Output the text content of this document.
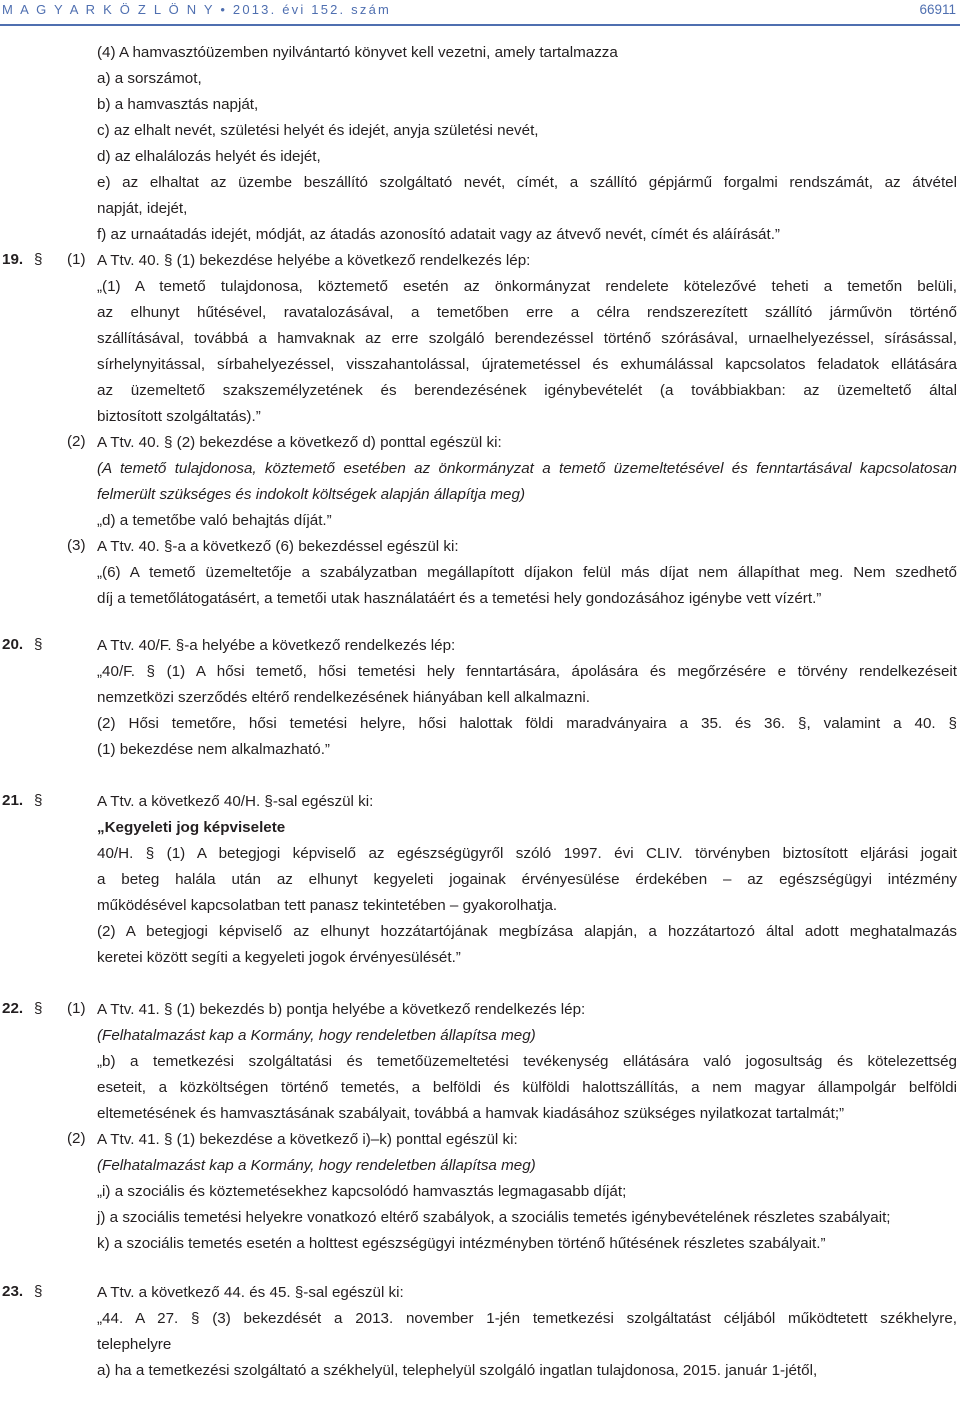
M A G Y A R K Ö Z L Ö N Y • 2013. évi 152. szám	66911
(4) A hamvasztóüzemben nyilvántartó könyvet kell vezetni, amely tartalmazza
a) a sorszámot,
b) a hamvasztás napját,
c) az elhalt nevét, születési helyét és idejét, anyja születési nevét,
d) az elhalálozás helyét és idejét,
e) az elhaltat az üzembe beszállító szolgáltató nevét, címét, a szállító gépjármű forgalmi rendszámát, az átvétel
napját, idejét,
f) az urnaátadás idejét, módját, az átadás azonosító adatait vagy az átvevő nevét, címét és aláírását.”
19. § (1) A Ttv. 40. § (1) bekezdése helyébe a következő rendelkezés lép:
„(1) A temető tulajdonosa, köztemető esetén az önkormányzat rendelete kötelezővé teheti a temetőn belüli,
az elhunyt hűtésével, ravatalozásával, a temetőben erre a célra rendszerezített szállító járművön történő
szállításával, továbbá a hamvaknak az erre szolgáló berendezéssel történő szórásával, urnaelhelyezéssel, sírásással,
sírhelynyitással, sírbahelyezéssel, visszahantolással, újratemetéssel és exhumálással kapcsolatos feladatok ellátására
az üzemeltető szakszemélyzetének és berendezésének igénybevételét (a továbbiakban: az üzemeltető által
biztosított szolgáltatás).”
(2) A Ttv. 40. § (2) bekezdése a következő d) ponttal egészül ki:
(A temető tulajdonosa, köztemető esetében az önkormányzat a temető üzemeltetésével és fenntartásával kapcsolatosan
felmerült szükséges és indokolt költségek alapján állapítja meg)
„d) a temetőbe való behajtás díját.”
(3) A Ttv. 40. §-a a következő (6) bekezdéssel egészül ki:
„(6) A temető üzemeltetője a szabályzatban megállapított díjakon felül más díjat nem állapíthat meg. Nem szedhető
díj a temetőlátogatásért, a temetői utak használatáért és a temetési hely gondozásához igénybe vett vízért.”
20. §	A Ttv. 40/F. §-a helyébe a következő rendelkezés lép:
„40/F. § (1) A hősi temető, hősi temetési hely fenntartására, ápolására és megőrzésére e törvény rendelkezéseit
nemzetközi szerződés eltérő rendelkezésének hiányában kell alkalmazni.
(2) Hősi temetőre, hősi temetési helyre, hősi halottak földi maradványaira a 35. és 36. §, valamint a 40. §
(1) bekezdése nem alkalmazható.”
21. §	A Ttv. a következő 40/H. §-sal egészül ki:
„Kegyeleti jog képviselete
40/H. § (1) A betegjogi képviselő az egészségügyről szóló 1997. évi CLIV. törvényben biztosított eljárási jogait
a beteg halála után az elhunyt kegyeleti jogainak érvényesülése érdekében – az egészségügyi intézmény
működésével kapcsolatban tett panasz tekintetében – gyakorolhatja.
(2) A betegjogi képviselő az elhunyt hozzátartójának megbízása alapján, a hozzátartozó által adott meghatalmazás
keretei között segíti a kegyeleti jogok érvényesülését.”
22. § (1) A Ttv. 41. § (1) bekezdés b) pontja helyébe a következő rendelkezés lép:
(Felhatalmazást kap a Kormány, hogy rendeletben állapítsa meg)
„b) a temetkezési szolgáltatási és temetőüzemeltetési tevékenység ellátására való jogosultság és kötelezettség
eseteit, a közköltségen történő temetés, a belföldi és külföldi halottszállítás, a nem magyar állampolgár belföldi
eltemetésének és hamvasztásának szabályait, továbbá a hamvak kiadásához szükséges nyilatkozat tartalmát;”
(2) A Ttv. 41. § (1) bekezdése a következő i)–k) ponttal egészül ki:
(Felhatalmazást kap a Kormány, hogy rendeletben állapítsa meg)
„i) a szociális és köztemetésekhez kapcsolódó hamvasztás legmagasabb díját;
j) a szociális temetési helyekre vonatkozó eltérő szabályok, a szociális temetés igénybevételének részletes szabályait;
k) a szociális temetés esetén a holttest egészségügyi intézményben történő hűtésének részletes szabályait.”
23. §	A Ttv. a következő 44. és 45. §-sal egészül ki:
„44. A 27. § (3) bekezdését a 2013. november 1-jén temetkezési szolgáltatást céljából működtetett székhelyre,
telephelyre
a) ha a temetkezési szolgáltató a székhelyül, telephelyül szolgáló ingatlan tulajdonosa, 2015. január 1-jétől,
